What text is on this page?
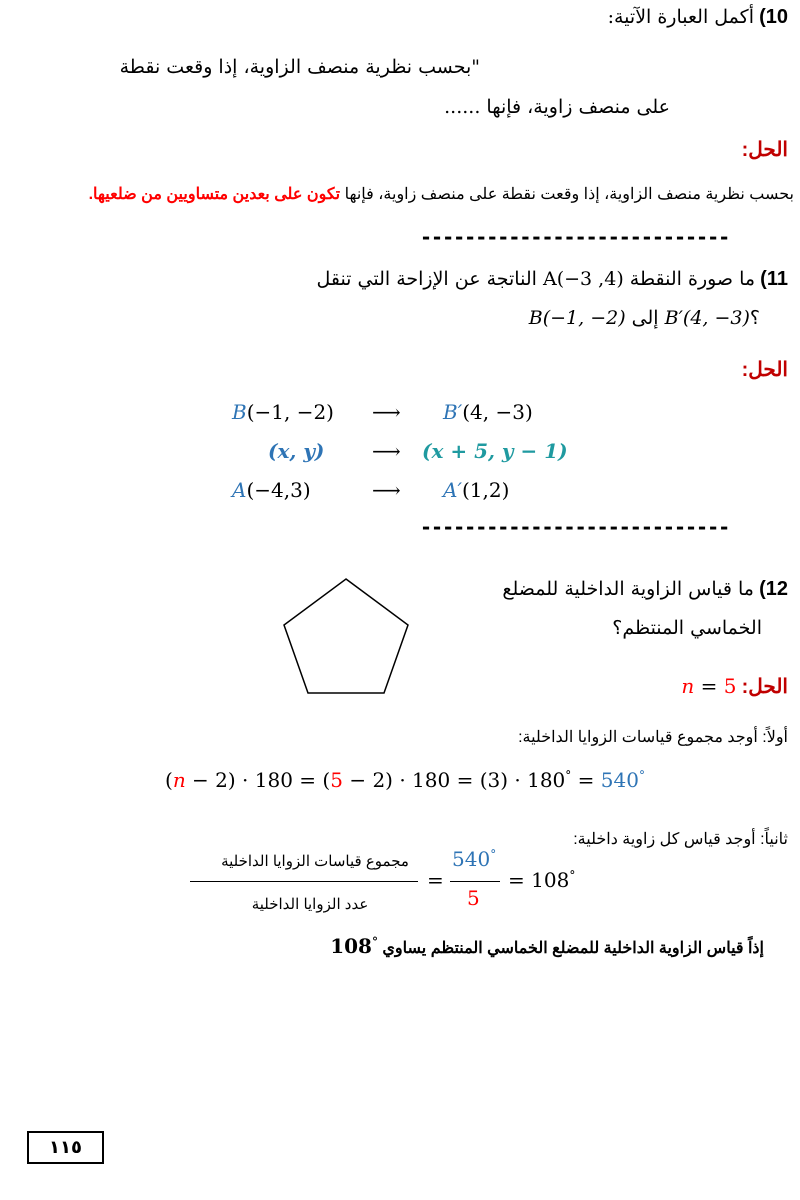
10) أكمل العبارة الآتية:
"بحسب نظرية منصف الزاوية، إذا وقعت نقطة
على منصف زاوية، فإنها ......
الحل:
بحسب نظرية منصف الزاوية، إذا وقعت نقطة على منصف زاوية، فإنها تكون على بعدين متساويين من ضلعيها.
----------------------------
11) ما صورة النقطة (4, 3−)A الناتجة عن الإزاحة التي تنقل
؟B′(4, −3) إلى B(−1, −2)
الحل:
B(−1, −2) ⟶ B′(4, −3)
(x, y) ⟶ (x + 5, y − 1)
A(−4,3)	⟶ A′(1,2)
----------------------------
12) ما قياس الزاوية الداخلية للمضلع
الخماسي المنتظم؟
الحل: n = 5
أولاً: أوجد مجموع قياسات الزوايا الداخلية:
(n − 2) · 180 = (5 − 2) · 180 = (3) · 180° = 540°
ثانياً: أوجد قياس كل زاوية داخلية:
مجموع قياسات الزوايا الداخلية
عدد الزوايا الداخلية
=
540°
5
= 108°
إذاً قياس الزاوية الداخلية للمضلع الخماسي المنتظم يساوي 108°
١١٥
